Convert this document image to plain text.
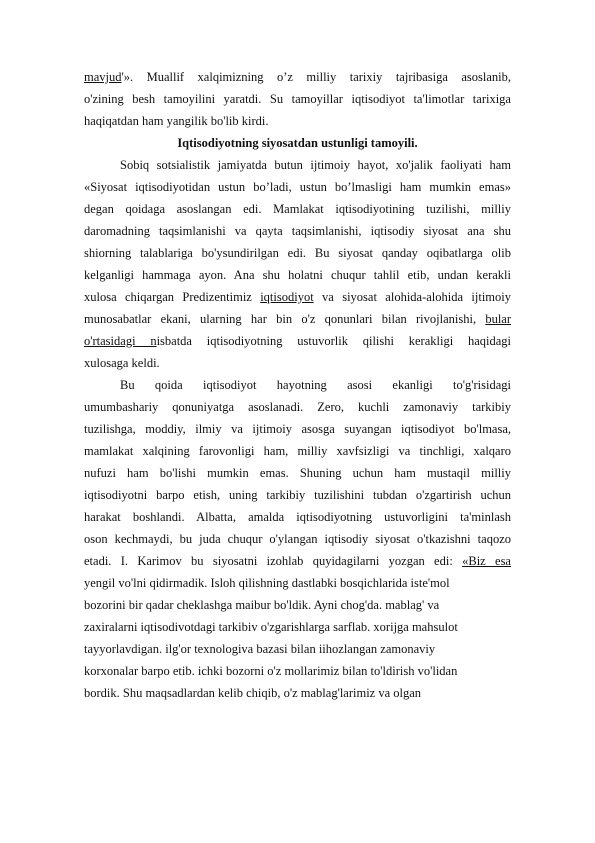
mavjud'». Muallif xalqimizning o’z milliy tarixiy tajribasiga asoslanib,
o'zining besh tamoyilini yaratdi. Su tamoyillar iqtisodiyot ta'limotlar tarixiga
haqiqatdan ham yangilik bo'lib kirdi.
Iqtisodiyotning siyosatdan ustunligi tamoyili.
Sobiq sotsialistik jamiyatda butun ijtimoiy hayot, xo'jalik faoliyati ham
«Siyosat iqtisodiyotidan ustun bo’ladi, ustun bo’lmasligi ham mumkin emas»
degan qoidaga asoslangan edi. Mamlakat iqtisodiyotining tuzilishi, milliy
daromadning taqsimlanishi va qayta taqsimlanishi, iqtisodiy siyosat ana shu
shiorning talablariga bo'ysundirilgan edi. Bu siyosat qanday oqibatlarga olib
kelganligi hammaga ayon. Ana shu holatni chuqur tahlil etib, undan kerakli
xulosa chiqargan Predizentimiz iqtisodiyot va siyosat alohida-alohida ijtimoiy
munosabatlar ekani, ularning har bin o'z qonunlari bilan rivojlanishi, bular
o'rtasidagi nisbatda iqtisodiyotning ustuvorlik qilishi kerakligi haqidagi
xulosaga keldi.
Bu qoida iqtisodiyot hayotning asosi ekanligi to'g'risidagi
umumbashariy qonuniyatga asoslanadi. Zero, kuchli zamonaviy tarkibiy
tuzilishga, moddiy, ilmiy va ijtimoiy asosga suyangan iqtisodiyot bo'lmasa,
mamlakat xalqining farovonligi ham, milliy xavfsizligi va tinchligi, xalqaro
nufuzi ham bo'lishi mumkin emas. Shuning uchun ham mustaqil milliy
iqtisodiyotni barpo etish, uning tarkibiy tuzilishini tubdan o'zgartirish uchun
harakat boshlandi. Albatta, amalda iqtisodiyotning ustuvorligini ta'minlash
oson kechmaydi, bu juda chuqur o'ylangan iqtisodiy siyosat o'tkazishni taqozo
etadi. I. Karimov bu siyosatni izohlab quyidagilarni yozgan edi: «Biz esa
yengil vo'lni qidirmadik. Isloh qilishning dastlabki bosqichlarida iste'mol
bozorini bir qadar cheklashga maibur bo'ldik. Ayni chog'da. mablag' va
zaxiralarni iqtisodivotdagi tarkibiv o'zgarishlarga sarflab. xorijga mahsulot
tayyorlavdigan. ilg'or texnologiva bazasi bilan iihozlangan zamonaviy
korxonalar barpo etib. ichki bozorni o'z mollarimiz bilan to'ldirish vo'lidan
bordik. Shu maqsadlardan kelib chiqib, o'z mablag'larimiz va olgan
